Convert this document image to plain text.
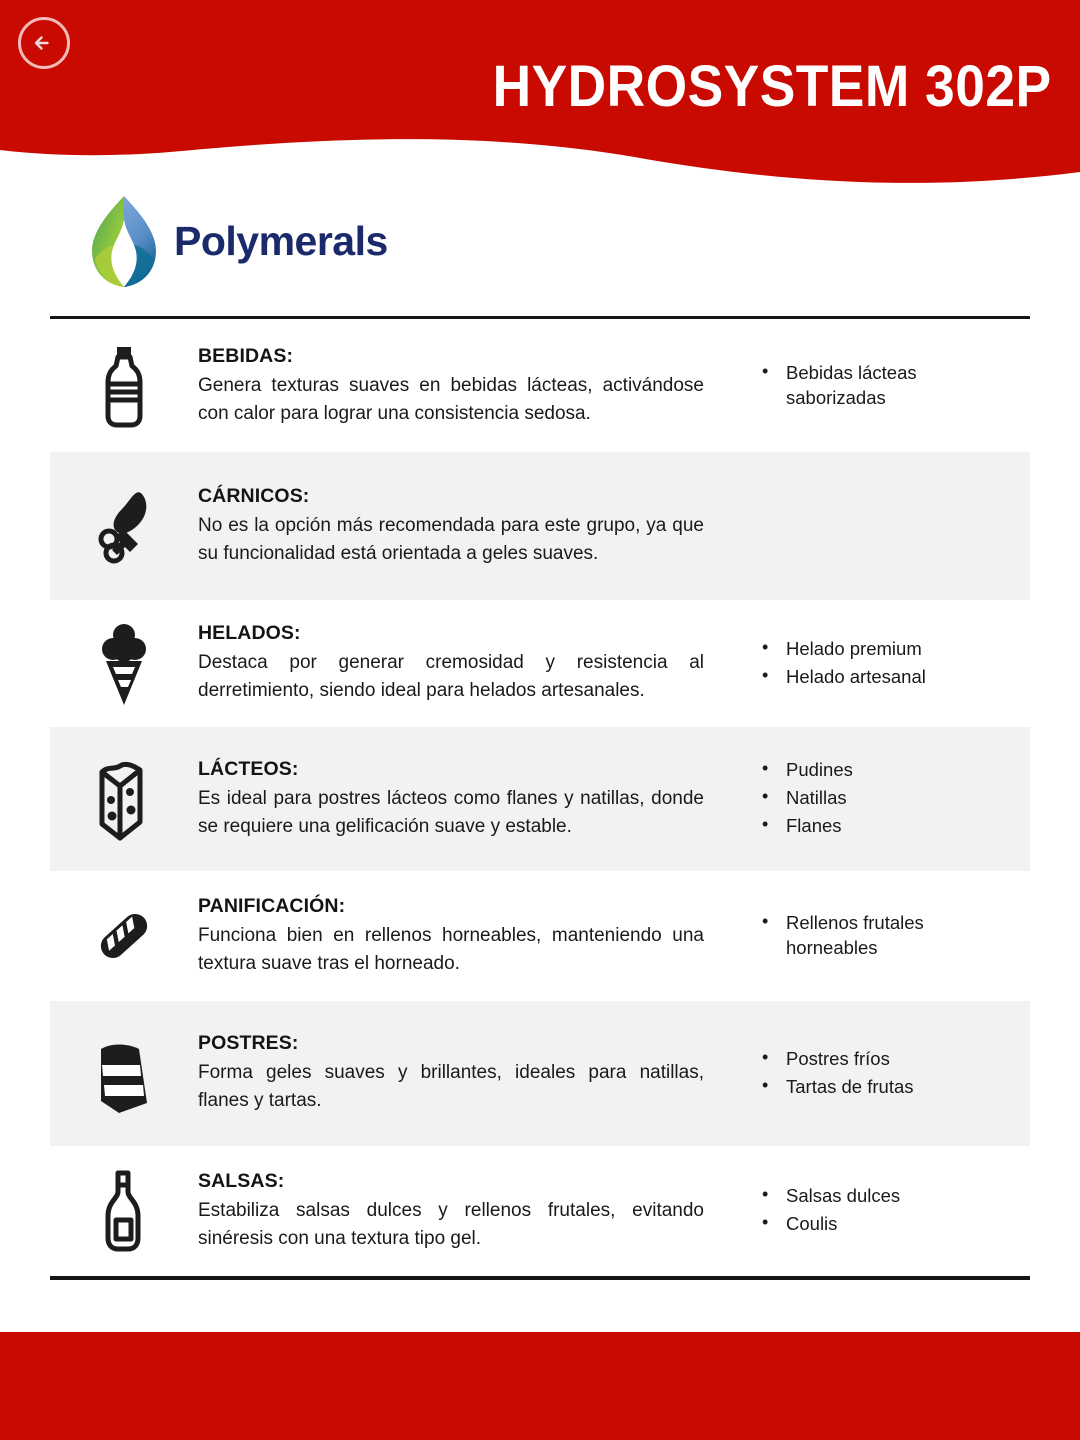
HYDROSYSTEM 302P
Polymerals
BEBIDAS:
Genera texturas suaves en bebidas lácteas, activándose con calor para lograr una consistencia sedosa.
• Bebidas lácteas saborizadas
CÁRNICOS:
No es la opción más recomendada para este grupo, ya que su funcionalidad está orientada a geles suaves.
HELADOS:
Destaca por generar cremosidad y resistencia al derretimiento, siendo ideal para helados artesanales.
• Helado premium
• Helado artesanal
LÁCTEOS:
Es ideal para postres lácteos como flanes y natillas, donde se requiere una gelificación suave y estable.
• Pudines
• Natillas
• Flanes
PANIFICACIÓN:
Funciona bien en rellenos horneables, manteniendo una textura suave tras el horneado.
• Rellenos frutales horneables
POSTRES:
Forma geles suaves y brillantes, ideales para natillas, flanes y tartas.
• Postres fríos
• Tartas de frutas
SALSAS:
Estabiliza salsas dulces y rellenos frutales, evitando sinéresis con una textura tipo gel.
• Salsas dulces
• Coulis
